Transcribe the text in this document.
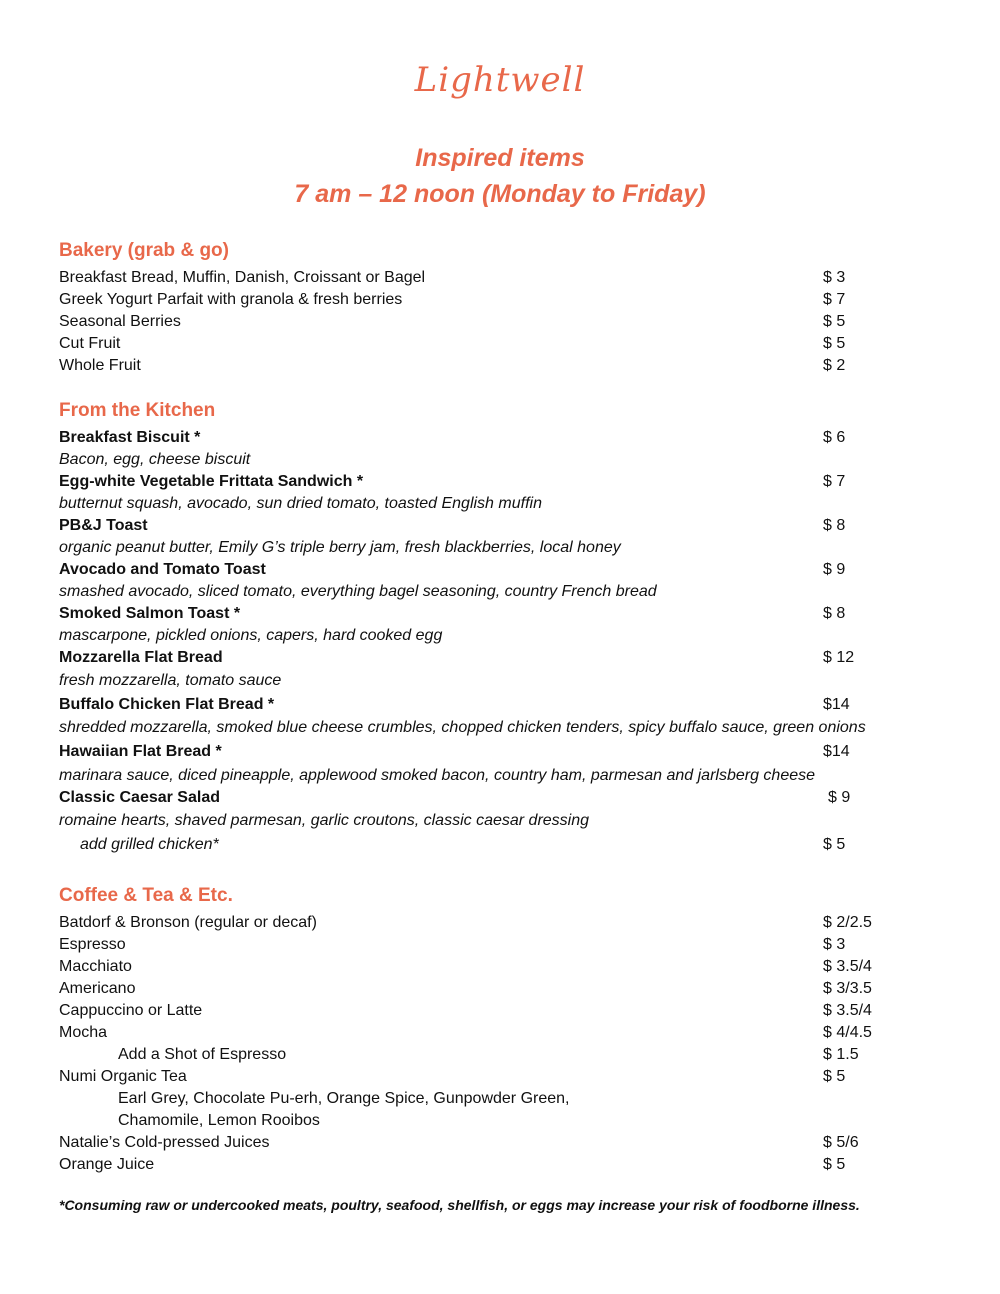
Lightwell
Inspired items
7 am – 12 noon (Monday to Friday)
Bakery (grab & go)
Breakfast Bread, Muffin, Danish, Croissant or Bagel	$ 3
Greek Yogurt Parfait with granola & fresh berries	$ 7
Seasonal Berries	$ 5
Cut Fruit	$ 5
Whole Fruit	$ 2
From the Kitchen
Breakfast Biscuit *	$ 6
Bacon, egg, cheese biscuit
Egg-white Vegetable Frittata Sandwich *	$ 7
butternut squash, avocado, sun dried tomato, toasted English muffin
PB&J Toast	$ 8
organic peanut butter, Emily G’s triple berry jam, fresh blackberries, local honey
Avocado and Tomato Toast	$ 9
smashed avocado, sliced tomato, everything bagel seasoning, country French bread
Smoked Salmon Toast *	$ 8
mascarpone, pickled onions, capers, hard cooked egg
Mozzarella Flat Bread	$ 12
fresh mozzarella, tomato sauce
Buffalo Chicken Flat Bread *	$14
shredded mozzarella, smoked blue cheese crumbles, chopped chicken tenders, spicy buffalo sauce, green onions
Hawaiian Flat Bread *	$14
marinara sauce, diced pineapple, applewood smoked bacon, country ham, parmesan and jarlsberg cheese
Classic Caesar Salad	$ 9
romaine hearts, shaved parmesan, garlic croutons, classic caesar dressing
add grilled chicken*	$ 5
Coffee & Tea & Etc.
Batdorf & Bronson (regular or decaf)	$ 2/2.5
Espresso	$ 3
Macchiato	$ 3.5/4
Americano	$ 3/3.5
Cappuccino or Latte	$ 3.5/4
Mocha	$ 4/4.5
Add a Shot of Espresso	$ 1.5
Numi Organic Tea	$ 5
Earl Grey, Chocolate Pu-erh, Orange Spice, Gunpowder Green,
Chamomile, Lemon Rooibos
Natalie’s Cold-pressed Juices	$ 5/6
Orange Juice	$ 5
*Consuming raw or undercooked meats, poultry, seafood, shellfish, or eggs may increase your risk of foodborne illness.
